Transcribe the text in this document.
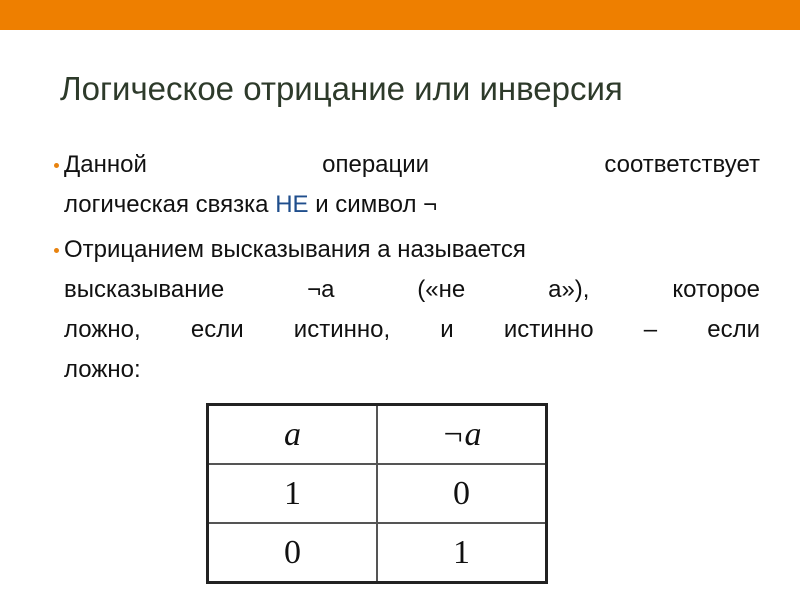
Логическое отрицание или инверсия
Данной	операции	соответствует
логическая связка НЕ и символ ¬
Отрицанием высказывания а называется
высказывание	¬а	(«не	а»),	которое
ложно, если истинно, и истинно – если
ложно:
a	¬a
1	0
0	1
